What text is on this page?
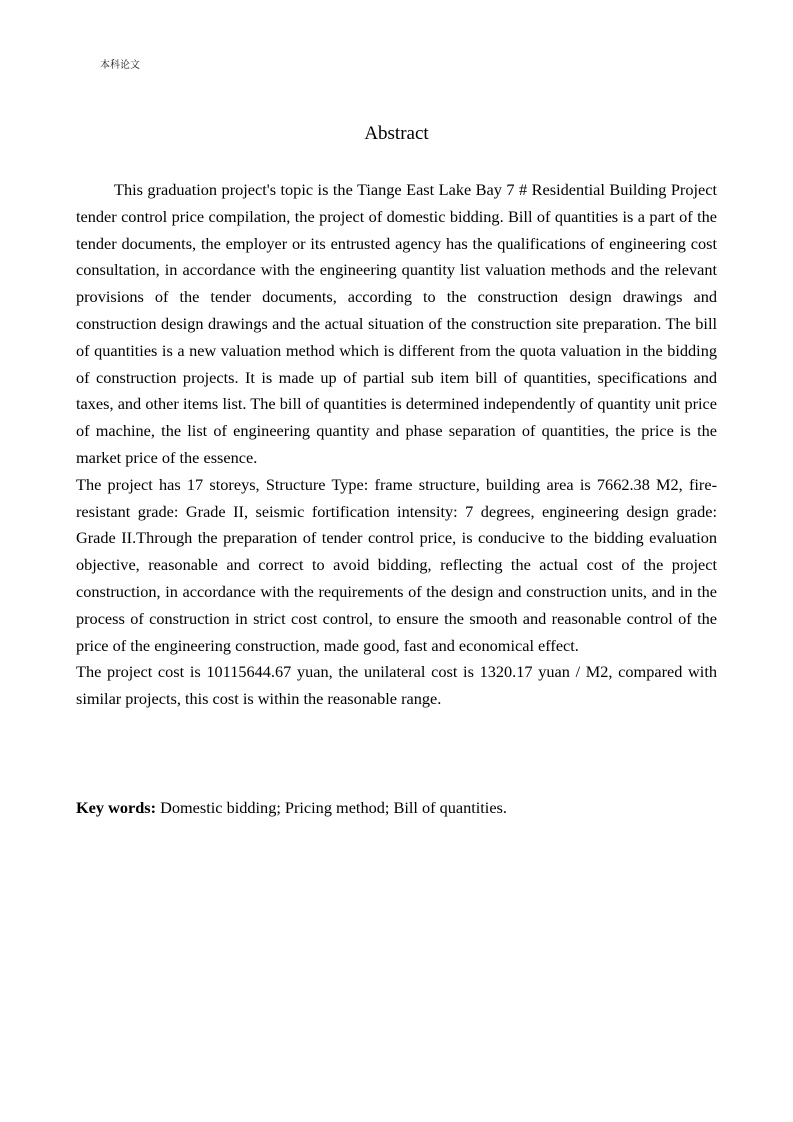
本科论文
Abstract

This graduation project's topic is the Tiange East Lake Bay 7 # Residential Building Project tender control price compilation, the project of domestic bidding. Bill of quantities is a part of the tender documents, the employer or its entrusted agency has the qualifications of engineering cost consultation, in accordance with the engineering quantity list valuation methods and the relevant provisions of the tender documents, according to the construction design drawings and construction design drawings and the actual situation of the construction site preparation. The bill of quantities is a new valuation method which is different from the quota valuation in the bidding of construction projects. It is made up of partial sub item bill of quantities, specifications and taxes, and other items list. The bill of quantities is determined independently of quantity unit price of machine, the list of engineering quantity and phase separation of quantities, the price is the market price of the essence.

The project has 17 storeys, Structure Type: frame structure, building area is 7662.38 M2, fire-resistant grade: Grade II, seismic fortification intensity: 7 degrees, engineering design grade: Grade II.Through the preparation of tender control price, is conducive to the bidding evaluation objective, reasonable and correct to avoid bidding, reflecting the actual cost of the project construction, in accordance with the requirements of the design and construction units, and in the process of construction in strict cost control, to ensure the smooth and reasonable control of the price of the engineering construction, made good, fast and economical effect.

The project cost is 10115644.67 yuan, the unilateral cost is 1320.17 yuan / M2, compared with similar projects, this cost is within the reasonable range.

Key words: Domestic bidding; Pricing method; Bill of quantities.
